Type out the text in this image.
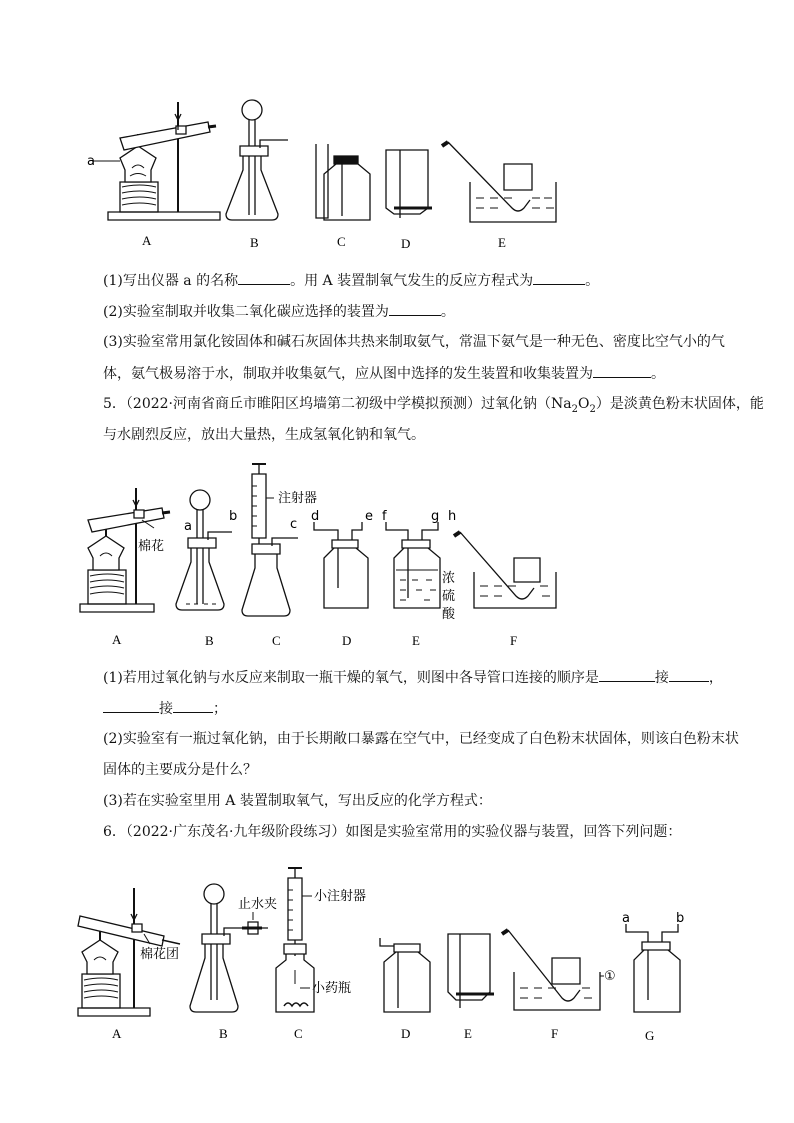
a
A	B	C	D	E
(1)写出仪器 a 的名称	。用 A 装置制氧气发生的反应方程式为	。
(2)实验室制取并收集二氧化碳应选择的装置为	。
(3)实验室常用氯化铵固体和碱石灰固体共热来制取氨气，常温下氨气是一种无色、密度比空气小的气
体，氨气极易溶于水，制取并收集氨气，应从图中选择的发生装置和收集装置为	。
5．（2022·河南省商丘市睢阳区坞墙第二初级中学模拟预测）过氧化钠$(Na_2O_2)$是淡黄色粉末状固体，能
与水剧烈反应，放出大量热，生成氢氧化钠和氧气。
棉花
a
b
注射器
c
d	e f	g
浓
硫
酸
h
A	B	C	D	E	F
(1)若用过氧化钠与水反应来制取一瓶干燥的氧气，则图中各导管口连接的顺序是	接	，
接	；
(2)实验室有一瓶过氧化钠，由于长期敞口暴露在空气中，已经变成了白色粉末状固体，则该白色粉末状
固体的主要成分是什么？
(3)若在实验室里用 A 装置制取氧气，写出反应的化学方程式：
6．（2022·广东茂名·九年级阶段练习）如图是实验室常用的实验仪器与装置，回答下列问题：
棉花团
止水夹
小注射器
小药瓶
①
a	b
A	B	C	D	E	F	G
